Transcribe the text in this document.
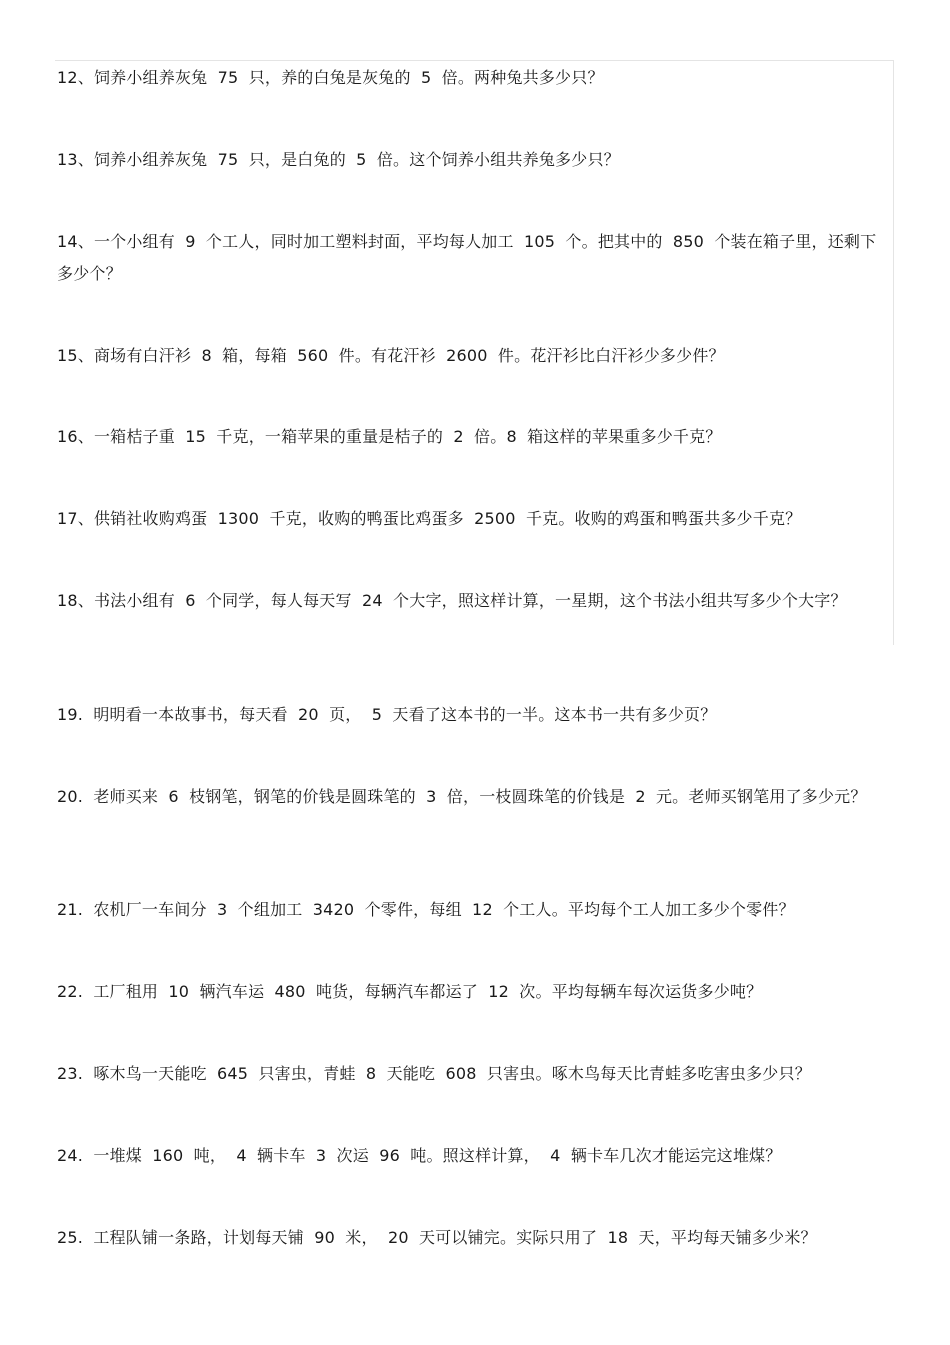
12、饲养小组养灰兔 75 只，养的白兔是灰兔的 5 倍。两种兔共多少只？

13、饲养小组养灰兔 75 只，是白兔的 5 倍。这个饲养小组共养兔多少只？

14、一个小组有 9 个工人，同时加工塑料封面，平均每人加工 105 个。把其中的 850 个装在箱子里，还剩下多少个？

15、商场有白汗衫 8 箱，每箱 560 件。有花汗衫 2600 件。花汗衫比白汗衫少多少件？

16、一箱桔子重 15 千克，一箱苹果的重量是桔子的 2 倍。8 箱这样的苹果重多少千克？

17、供销社收购鸡蛋 1300 千克，收购的鸭蛋比鸡蛋多 2500 千克。收购的鸡蛋和鸭蛋共多少千克？

18、书法小组有 6 个同学，每人每天写 24 个大字，照这样计算，一星期，这个书法小组共写多少个大字？

19. 明明看一本故事书，每天看 20 页， 5 天看了这本书的一半。这本书一共有多少页？

20. 老师买来 6 枝钢笔，钢笔的价钱是圆珠笔的 3 倍，一枝圆珠笔的价钱是 2 元。老师买钢笔用了多少元？

21. 农机厂一车间分 3 个组加工 3420 个零件，每组 12 个工人。平均每个工人加工多少个零件？

22. 工厂租用 10 辆汽车运 480 吨货，每辆汽车都运了 12 次。平均每辆车每次运货多少吨？

23. 啄木鸟一天能吃 645 只害虫，青蛙 8 天能吃 608 只害虫。啄木鸟每天比青蛙多吃害虫多少只？

24. 一堆煤 160 吨， 4 辆卡车 3 次运 96 吨。照这样计算， 4 辆卡车几次才能运完这堆煤？

25. 工程队铺一条路，计划每天铺 90 米， 20 天可以铺完。实际只用了 18 天，平均每天铺多少米？
